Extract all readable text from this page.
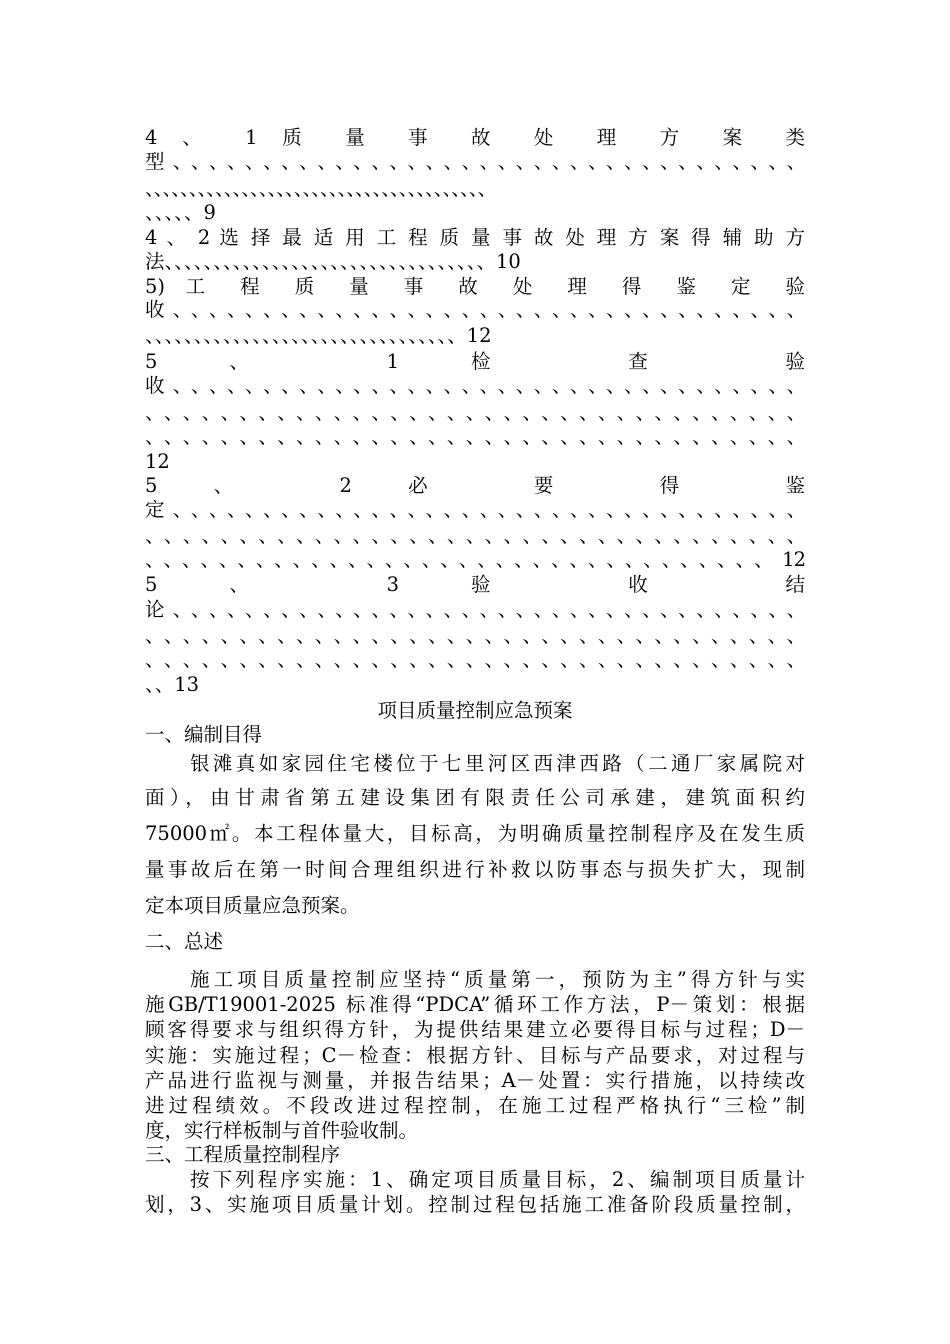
4 、 1 质 量 事 故 处 理 方 案 类
型、、、、、、、、、、、、、、、、、、、、、、、、、、、、、、、、、、、
、、、、、、、、、、、、、、、、、、、、、、、、、、、、、、、、、、、、、、、
、、、、、9
4 、 2 选 择 最 适 用 工 程 质 量 事 故 处 理 方 案 得 辅 助 方
法、、、、、、、、、、、、、、、、、、、、、、、、、、、、、、、、、10
5) 工 程 质 量 事 故 处 理 得 鉴 定 验
收、、、、、、、、、、、、、、、、、、、、、、、、、、、、、、、、、、、
、、、、、、、、、、、、、、、、、、、、、、、、、、、、、、、、12
5 、 1 检 查 验
收、、、、、、、、、、、、、、、、、、、、、、、、、、、、、、、、、、、
、、、、、、、、、、、、、、、、、、、、、、、、、、、、、、、、、、、
、、、、、、、、、、、、、、、、、、、、、、、、、、、、、、、、、、、
12
5 、 2 必 要 得 鉴
定、、、、、、、、、、、、、、、、、、、、、、、、、、、、、、、、、、、
、、、、、、、、、、、、、、、、、、、、、、、、、、、、、、、、、、、
、、、、、、、、、、、、、、、、、、、、、、、、、、、、、、、、、、12
5 、 3 验 收 结
论、、、、、、、、、、、、、、、、、、、、、、、、、、、、、、、、、、、
、、、、、、、、、、、、、、、、、、、、、、、、、、、、、、、、、、、
、、、、、、、、、、、、、、、、、、、、、、、、、、、、、、、、、、、
、、13
项目质量控制应急预案
一、编制目得
银滩真如家园住宅楼位于七里河区西津西路（二通厂家属院对
面），由甘肃省第五建设集团有限责任公司承建，建筑面积约
75000㎡。本工程体量大，目标高，为明确质量控制程序及在发生质
量事故后在第一时间合理组织进行补救以防事态与损失扩大，现制
定本项目质量应急预案。
二、总述
施工项目质量控制应坚持“质量第一，预防为主”得方针与实
施GB/T19001-2025 标准得“PDCA”循环工作方法，P－策划：根据
顾客得要求与组织得方针，为提供结果建立必要得目标与过程；D－
实施：实施过程；C－检查：根据方针、目标与产品要求，对过程与
产品进行监视与测量，并报告结果；A－处置：实行措施，以持续改
进过程绩效。不段改进过程控制，在施工过程严格执行“三检”制
度，实行样板制与首件验收制。
三、工程质量控制程序
按下列程序实施：1、确定项目质量目标，2、编制项目质量计
划，3、实施项目质量计划。控制过程包括施工准备阶段质量控制，
